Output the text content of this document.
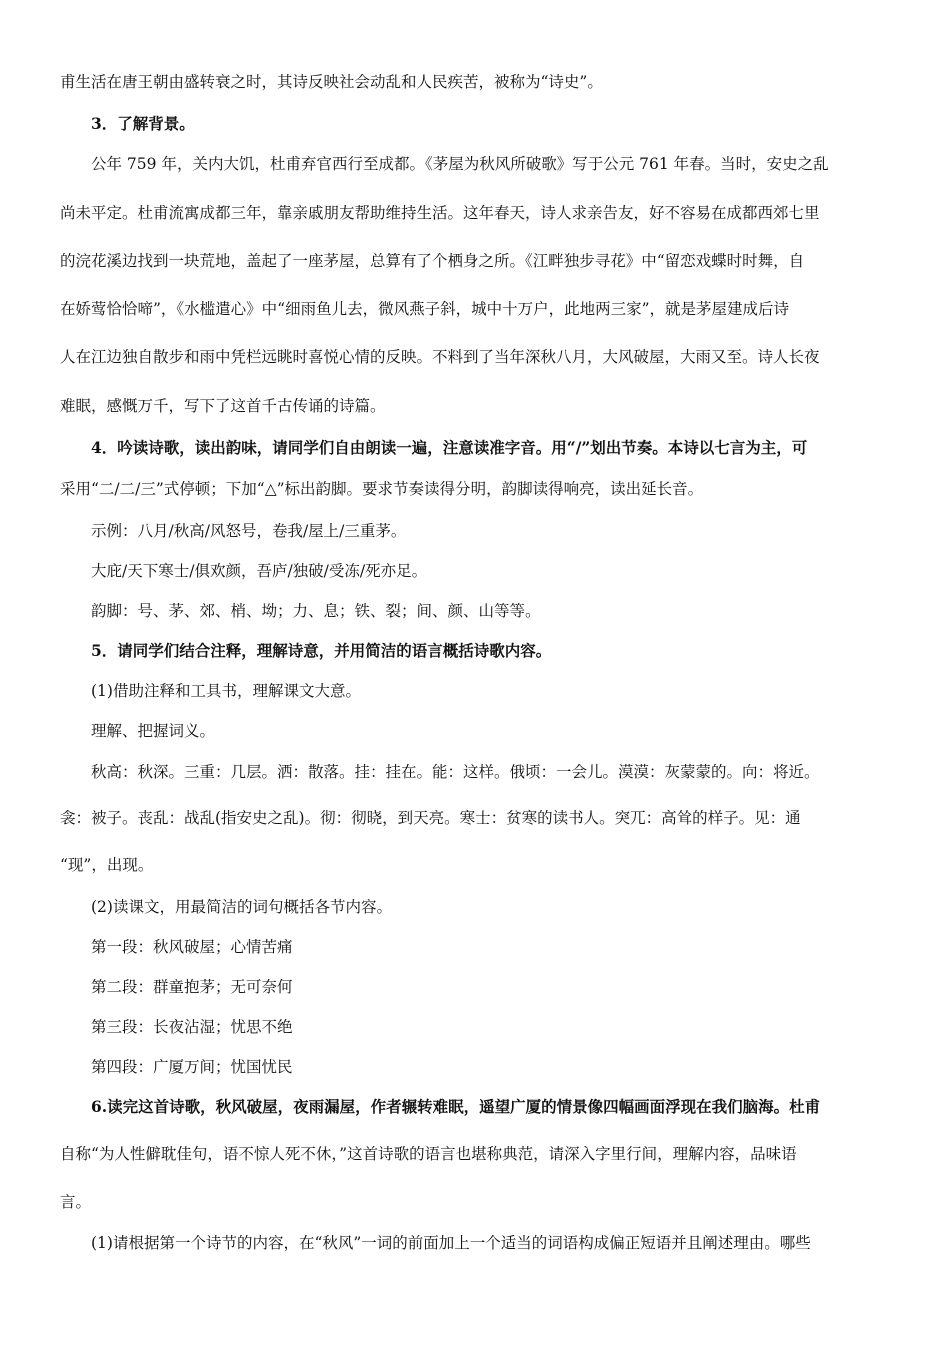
甫生活在唐王朝由盛转衰之时，其诗反映社会动乱和人民疾苦，被称为“诗史”。
3．了解背景。
公年 759 年，关内大饥，杜甫弃官西行至成都。《茅屋为秋风所破歌》写于公元 761 年春。当时，安史之乱
尚未平定。杜甫流寓成都三年，靠亲戚朋友帮助维持生活。这年春天，诗人求亲告友，好不容易在成都西郊七里
的浣花溪边找到一块荒地，盖起了一座茅屋，总算有了个栖身之所。《江畔独步寻花》中“留恋戏蝶时时舞，自
在娇莺恰恰啼”，《水槛遣心》中“细雨鱼儿去，微风燕子斜，城中十万户，此地两三家”，就是茅屋建成后诗
人在江边独自散步和雨中凭栏远眺时喜悦心情的反映。不料到了当年深秋八月，大风破屋，大雨又至。诗人长夜
难眠，感慨万千，写下了这首千古传诵的诗篇。
4．吟读诗歌，读出韵味，请同学们自由朗读一遍，注意读准字音。用“/”划出节奏。本诗以七言为主，可
采用“二/二/三”式停顿；下加“△”标出韵脚。要求节奏读得分明，韵脚读得响亮，读出延长音。
示例：八月/秋高/风怒号，卷我/屋上/三重茅。
大庇/天下寒士/俱欢颜，吾庐/独破/受冻/死亦足。
韵脚：号、茅、郊、梢、坳；力、息；铁、裂；间、颜、山等等。
5．请同学们结合注释，理解诗意，并用简洁的语言概括诗歌内容。
(1)借助注释和工具书，理解课文大意。
理解、把握词义。
秋高：秋深。三重：几层。洒：散落。挂：挂在。能：这样。俄顷：一会儿。漠漠：灰蒙蒙的。向：将近。
衾：被子。丧乱：战乱(指安史之乱)。彻：彻晓，到天亮。寒士：贫寒的读书人。突兀：高耸的样子。见：通
“现”，出现。
(2)读课文，用最简洁的词句概括各节内容。
第一段：秋风破屋；心情苦痛
第二段：群童抱茅；无可奈何
第三段：长夜沾湿；忧思不绝
第四段：广厦万间；忧国忧民
6.读完这首诗歌，秋风破屋，夜雨漏屋，作者辗转难眠，遥望广厦的情景像四幅画面浮现在我们脑海。杜甫
自称“为人性僻耽佳句，语不惊人死不休，”这首诗歌的语言也堪称典范，请深入字里行间，理解内容，品味语
言。
(1)请根据第一个诗节的内容，在“秋风”一词的前面加上一个适当的词语构成偏正短语并且阐述理由。哪些
